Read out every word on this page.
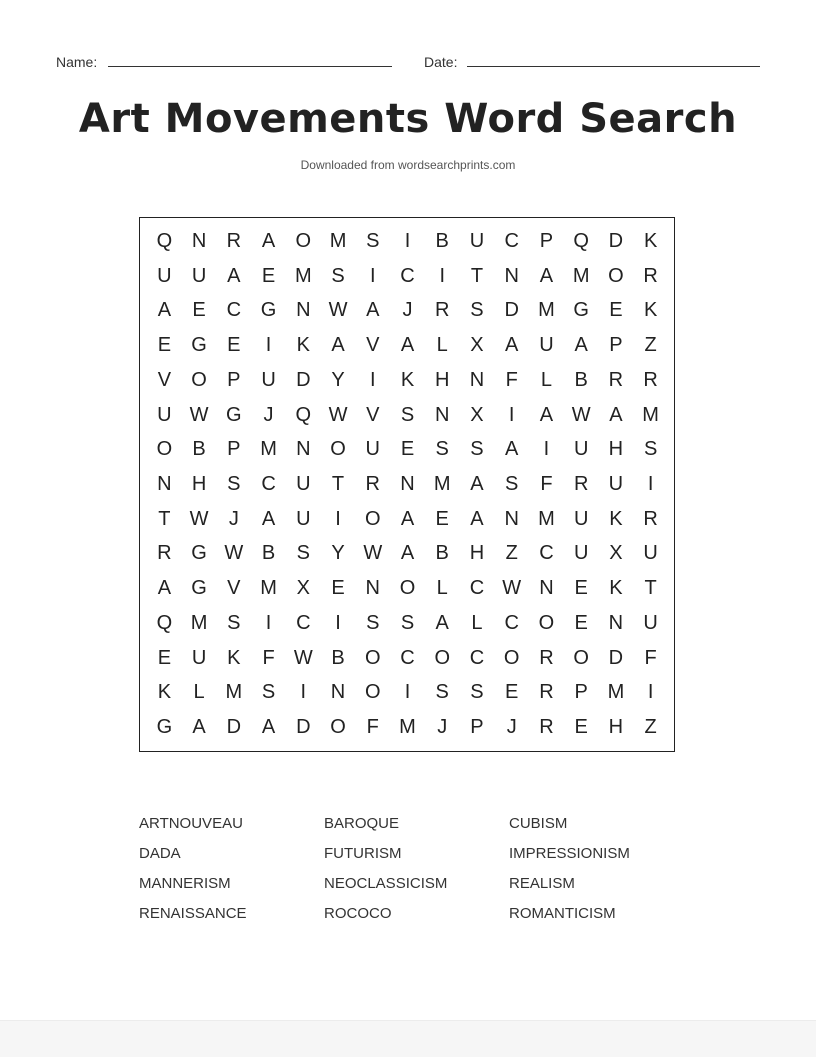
Name:	Date:
Art Movements Word Search
Downloaded from wordsearchprints.com
Q N	R	A	O M S	I	B	U	C	P	Q D	K
U	U	A	E M S	I	C	I	T	N	A M O R
A	E	C G N W A	J	R	S	D M G	E	K
E	G	E	I	K	A	V	A	L	X	A	U	A	P	Z
V	O	P	U	D	Y	I	K	H	N	F	L	B	R	R
U W G	J	Q W V	S	N	X	I	A W A M
O	B	P M N O U	E	S	S	A	I	U	H	S
N	H	S	C	U	T	R	N M A	S	F	R	U	I
T W	J	A	U	I	O	A	E	A	N M U	K	R
R G W B	S	Y W A	B	H	Z	C	U	X	U
A	G	V M X	E	N O	L	C W N	E	K	T
Q M S	I	C	I	S	S	A	L	C O	E	N	U
E	U	K	F W B	O C O C O R O D	F
K	L	M S	I	N O	I	S	S	E	R	P M	I
G	A	D	A	D O	F	M	J	P	J	R	E	H	Z
ARTNOUVEAU	BAROQUE	CUBISM
DADA	FUTURISM	IMPRESSIONISM
MANNERISM	NEOCLASSICISM	REALISM
RENAISSANCE	ROCOCO	ROMANTICISM
